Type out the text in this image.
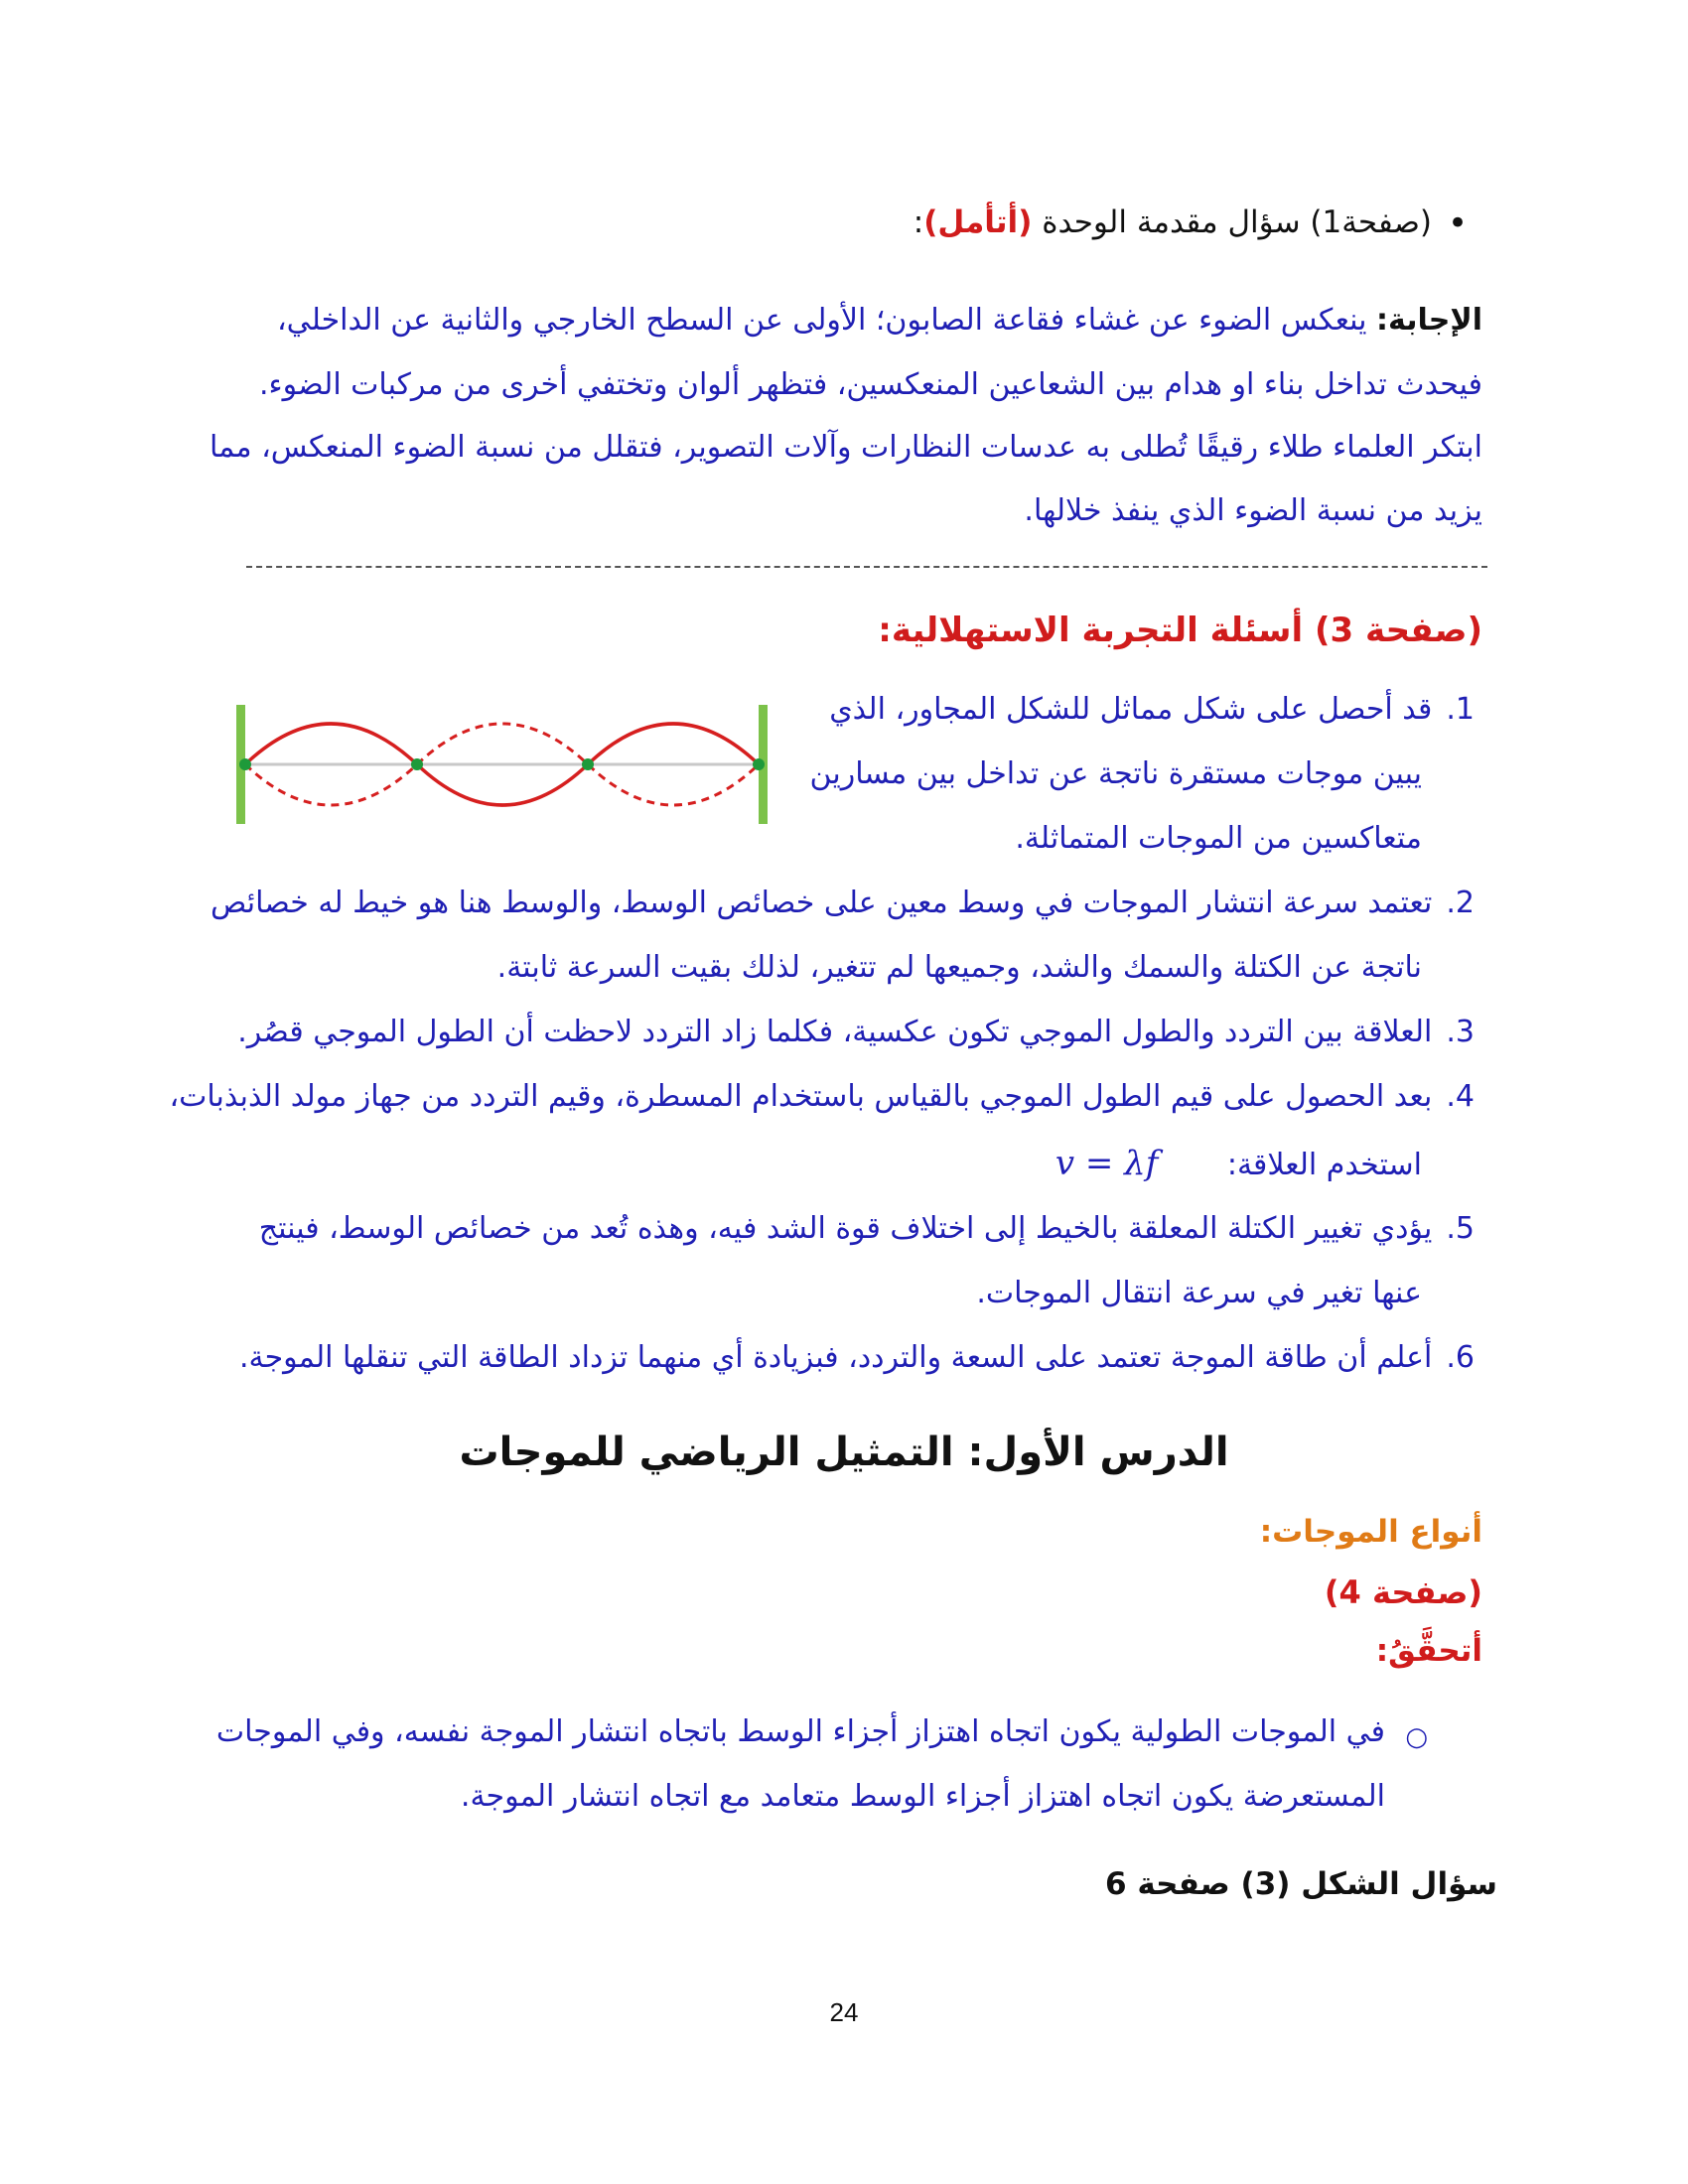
•
(صفحة1) سؤال مقدمة الوحدة (أتأمل):
الإجابة: ينعكس الضوء عن غشاء فقاعة الصابون؛ الأولى عن السطح الخارجي والثانية عن الداخلي،
فيحدث تداخل بناء او هدام بين الشعاعين المنعكسين، فتظهر ألوان وتختفي أخرى من مركبات الضوء.
ابتكر العلماء طلاء رقيقًا تُطلى به عدسات النظارات وآلات التصوير، فتقلل من نسبة الضوء المنعكس، مما
يزيد من نسبة الضوء الذي ينفذ خلالها.
(صفحة 3) أسئلة التجربة الاستهلالية:
1.قد أحصل على شكل مماثل للشكل المجاور، الذي
يبين موجات مستقرة ناتجة عن تداخل بين مسارين
متعاكسين من الموجات المتماثلة.
2.تعتمد سرعة انتشار الموجات في وسط معين على خصائص الوسط، والوسط هنا هو خيط له خصائص
ناتجة عن الكتلة والسمك والشد، وجميعها لم تتغير، لذلك بقيت السرعة ثابتة.
3.العلاقة بين التردد والطول الموجي تكون عكسية، فكلما زاد التردد لاحظت أن الطول الموجي قصُر.
4.بعد الحصول على قيم الطول الموجي بالقياس باستخدام المسطرة، وقيم التردد من جهاز مولد الذبذبات،
استخدم العلاقة: v = λf
5.يؤدي تغيير الكتلة المعلقة بالخيط إلى اختلاف قوة الشد فيه، وهذه تُعد من خصائص الوسط، فينتج
عنها تغير في سرعة انتقال الموجات.
6.أعلم أن طاقة الموجة تعتمد على السعة والتردد، فبزيادة أي منهما تزداد الطاقة التي تنقلها الموجة.
الدرس الأول: التمثيل الرياضي للموجات
أنواع الموجات:
(صفحة 4)
أتحقَّقُ:
○
في الموجات الطولية يكون اتجاه اهتزاز أجزاء الوسط باتجاه انتشار الموجة نفسه، وفي الموجات
المستعرضة يكون اتجاه اهتزاز أجزاء الوسط متعامد مع اتجاه انتشار الموجة.
سؤال الشكل (3) صفحة 6
24
